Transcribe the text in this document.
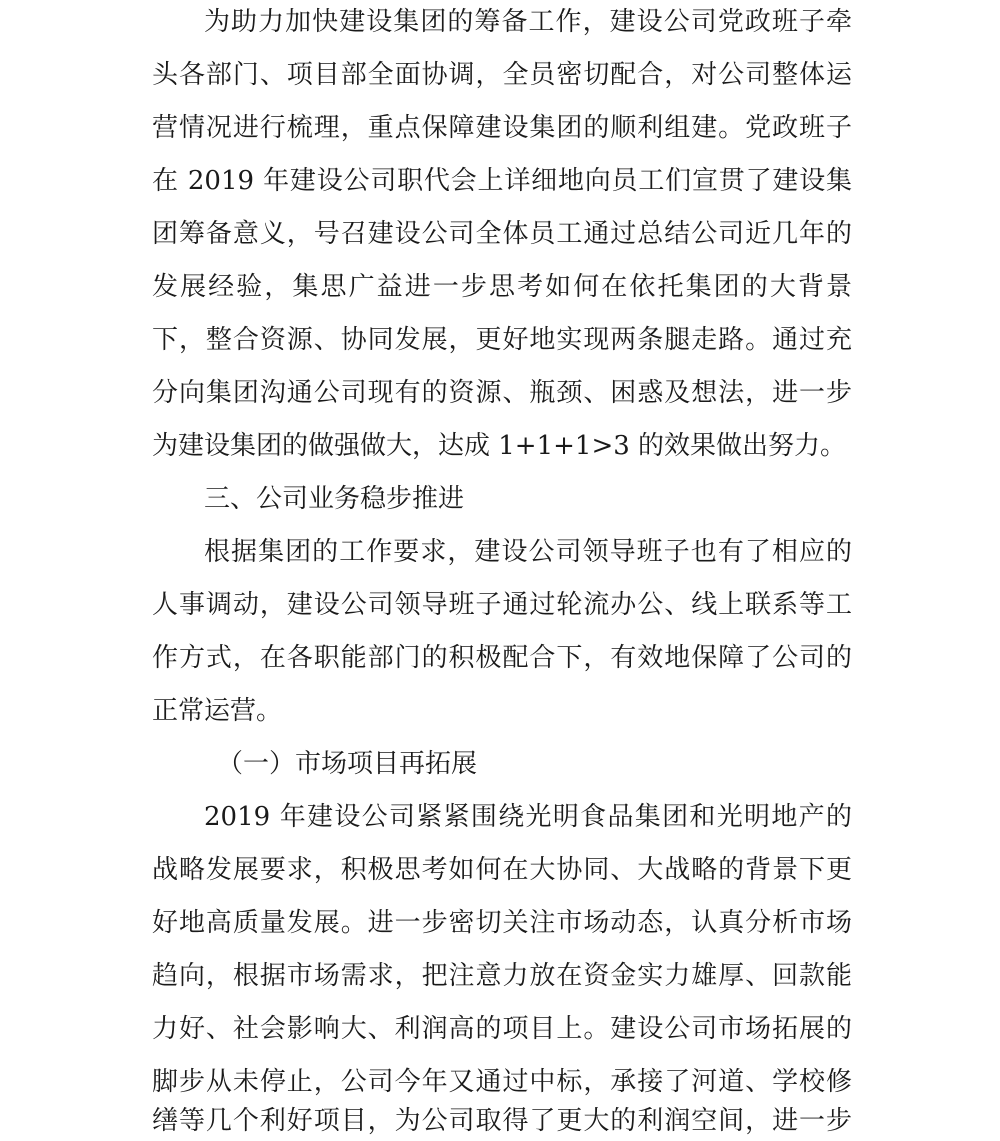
为助力加快建设集团的筹备工作，建设公司党政班子牵
头各部门、项目部全面协调，全员密切配合，对公司整体运
营情况进行梳理，重点保障建设集团的顺利组建。党政班子
在 2019 年建设公司职代会上详细地向员工们宣贯了建设集
团筹备意义，号召建设公司全体员工通过总结公司近几年的
发展经验，集思广益进一步思考如何在依托集团的大背景
下，整合资源、协同发展，更好地实现两条腿走路。通过充
分向集团沟通公司现有的资源、瓶颈、困惑及想法，进一步
为建设集团的做强做大，达成 1+1+1>3 的效果做出努力。
三、公司业务稳步推进
根据集团的工作要求，建设公司领导班子也有了相应的
人事调动，建设公司领导班子通过轮流办公、线上联系等工
作方式，在各职能部门的积极配合下，有效地保障了公司的
正常运营。
（一）市场项目再拓展
2019 年建设公司紧紧围绕光明食品集团和光明地产的
战略发展要求，积极思考如何在大协同、大战略的背景下更
好地高质量发展。进一步密切关注市场动态，认真分析市场
趋向，根据市场需求，把注意力放在资金实力雄厚、回款能
力好、社会影响大、利润高的项目上。建设公司市场拓展的
脚步从未停止，公司今年又通过中标，承接了河道、学校修
缮等几个利好项目，为公司取得了更大的利润空间，进一步
